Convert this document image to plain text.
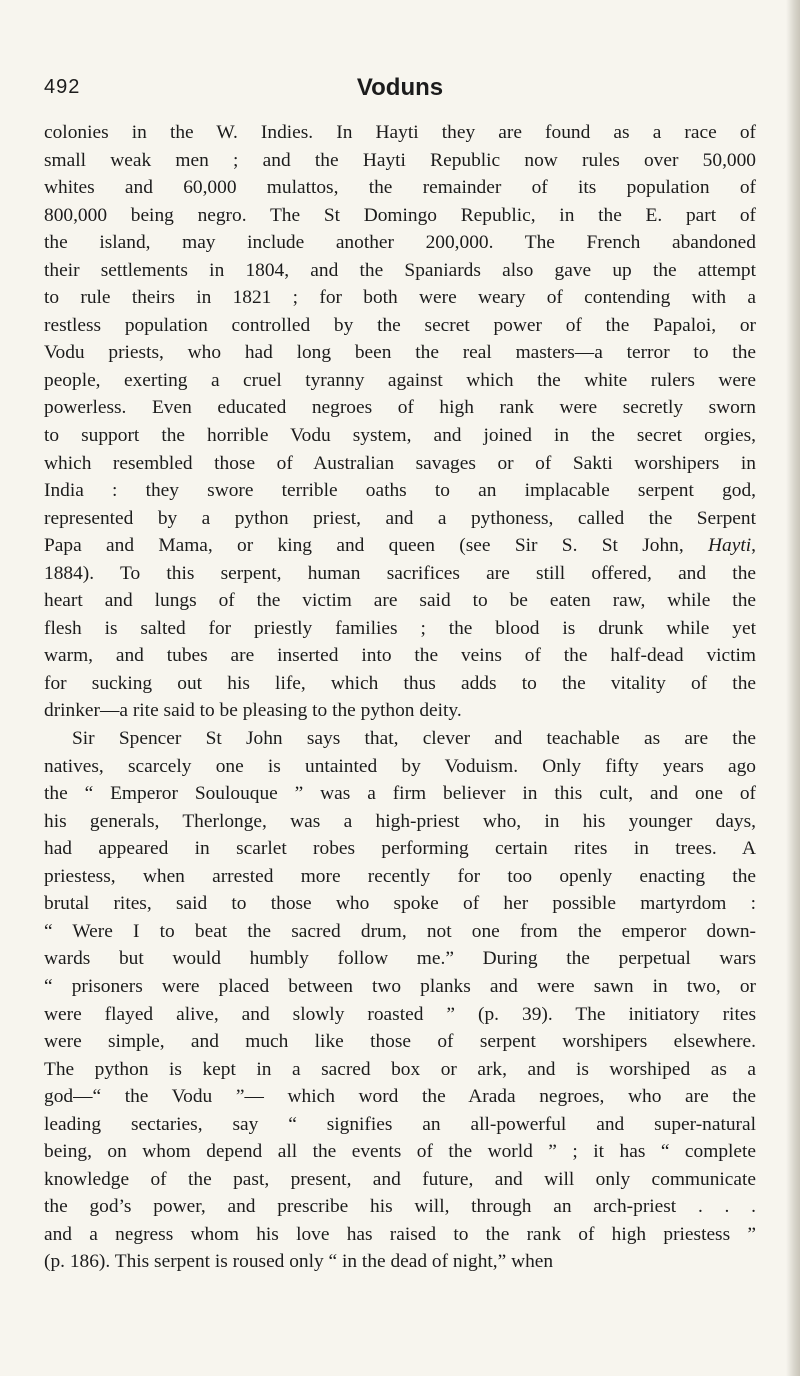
492	Voduns
colonies in the W. Indies. In Hayti they are found as a race of
small weak men ; and the Hayti Republic now rules over 50,000
whites and 60,000 mulattos, the remainder of its population of
800,000 being negro. The St Domingo Republic, in the E. part of
the island, may include another 200,000. The French abandoned
their settlements in 1804, and the Spaniards also gave up the attempt
to rule theirs in 1821 ; for both were weary of contending with a
restless population controlled by the secret power of the Papaloi, or
Vodu priests, who had long been the real masters—a terror to the
people, exerting a cruel tyranny against which the white rulers were
powerless. Even educated negroes of high rank were secretly sworn
to support the horrible Vodu system, and joined in the secret orgies,
which resembled those of Australian savages or of Sakti worshipers in
India : they swore terrible oaths to an implacable serpent god,
represented by a python priest, and a pythoness, called the Serpent
Papa and Mama, or king and queen (see Sir S. St John, Hayti,
1884). To this serpent, human sacrifices are still offered, and the
heart and lungs of the victim are said to be eaten raw, while the
flesh is salted for priestly families ; the blood is drunk while yet
warm, and tubes are inserted into the veins of the half-dead victim
for sucking out his life, which thus adds to the vitality of the
drinker—a rite said to be pleasing to the python deity.
Sir Spencer St John says that, clever and teachable as are the
natives, scarcely one is untainted by Voduism. Only fifty years ago
the “ Emperor Soulouque ” was a firm believer in this cult, and one of
his generals, Therlonge, was a high-priest who, in his younger days,
had appeared in scarlet robes performing certain rites in trees. A
priestess, when arrested more recently for too openly enacting the
brutal rites, said to those who spoke of her possible martyrdom :
“ Were I to beat the sacred drum, not one from the emperor down-
wards but would humbly follow me.” During the perpetual wars
“ prisoners were placed between two planks and were sawn in two, or
were flayed alive, and slowly roasted ” (p. 39). The initiatory rites
were simple, and much like those of serpent worshipers elsewhere.
The python is kept in a sacred box or ark, and is worshiped as a
god—“ the Vodu ”— which word the Arada negroes, who are the
leading sectaries, say “ signifies an all-powerful and super-natural
being, on whom depend all the events of the world ” ; it has “ complete
knowledge of the past, present, and future, and will only communicate
the god’s power, and prescribe his will, through an arch-priest . . .
and a negress whom his love has raised to the rank of high priestess ”
(p. 186). This serpent is roused only “ in the dead of night,” when
